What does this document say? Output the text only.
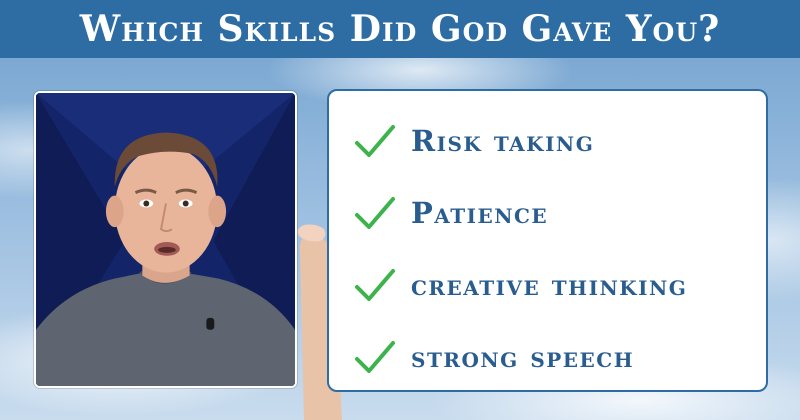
Which Skills Did God Gave You?
Risk taking
Patience
creative thinking
strong speech
